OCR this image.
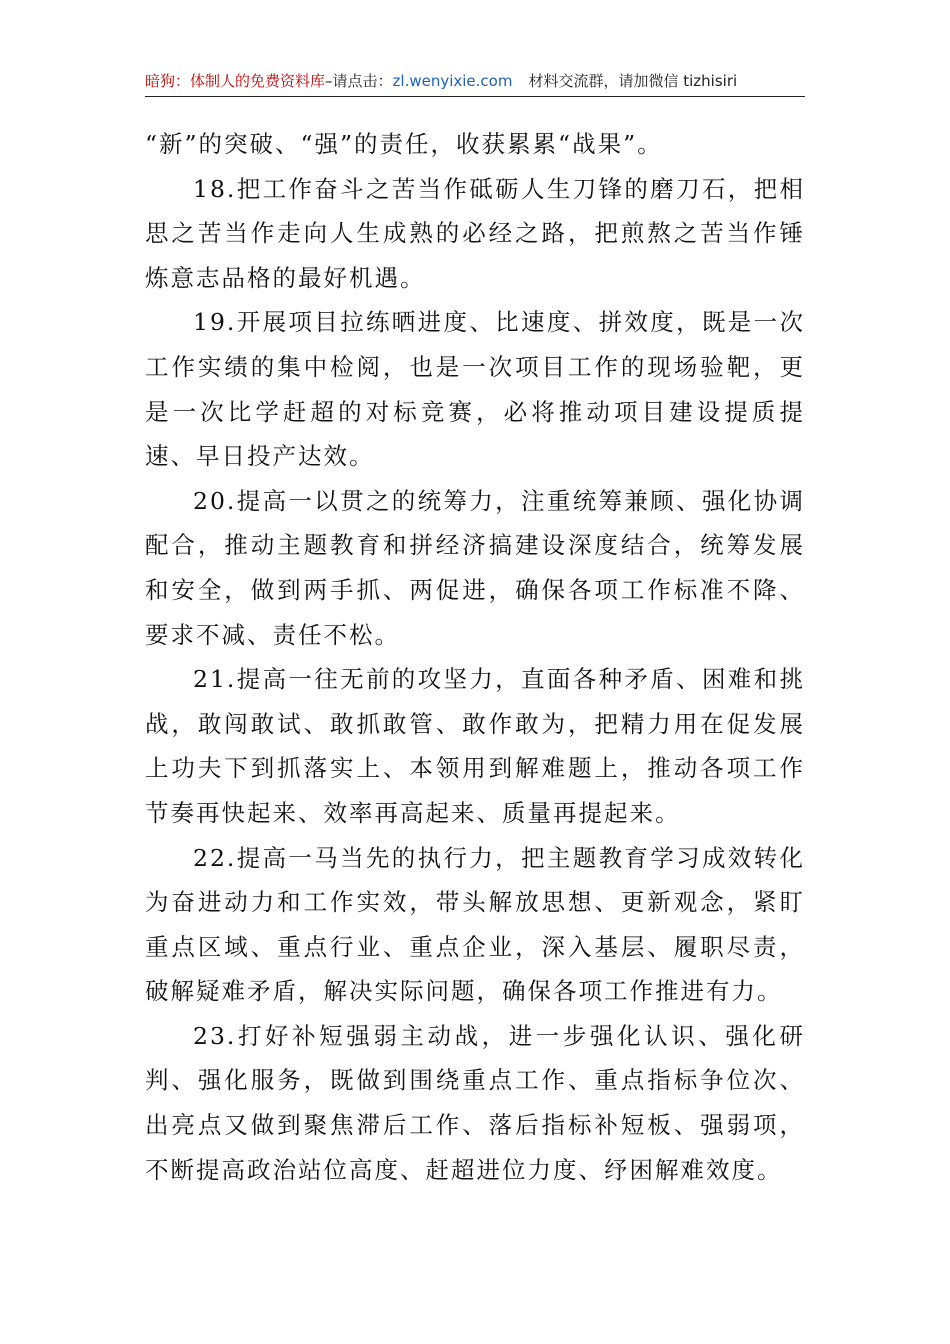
暗狗：体制人的免费资料库–请点击：zl.wenyixie.com 材料交流群，请加微信 tizhisiri

“新”的突破、“强”的责任，收获累累“战果”。

18.把工作奋斗之苦当作砥砺人生刀锋的磨刀石，把相思之苦当作走向人生成熟的必经之路，把煎熬之苦当作锤炼意志品格的最好机遇。

19.开展项目拉练晒进度、比速度、拼效度，既是一次工作实绩的集中检阅，也是一次项目工作的现场验靶，更是一次比学赶超的对标竞赛，必将推动项目建设提质提速、早日投产达效。

20.提高一以贯之的统筹力，注重统筹兼顾、强化协调配合，推动主题教育和拼经济搞建设深度结合，统筹发展和安全，做到两手抓、两促进，确保各项工作标准不降、要求不减、责任不松。

21.提高一往无前的攻坚力，直面各种矛盾、困难和挑战，敢闯敢试、敢抓敢管、敢作敢为，把精力用在促发展上功夫下到抓落实上、本领用到解难题上，推动各项工作节奏再快起来、效率再高起来、质量再提起来。

22.提高一马当先的执行力，把主题教育学习成效转化为奋进动力和工作实效，带头解放思想、更新观念，紧盯重点区域、重点行业、重点企业，深入基层、履职尽责，破解疑难矛盾，解决实际问题，确保各项工作推进有力。

23.打好补短强弱主动战，进一步强化认识、强化研判、强化服务，既做到围绕重点工作、重点指标争位次、出亮点又做到聚焦滞后工作、落后指标补短板、强弱项，不断提高政治站位高度、赶超进位力度、纾困解难效度。
